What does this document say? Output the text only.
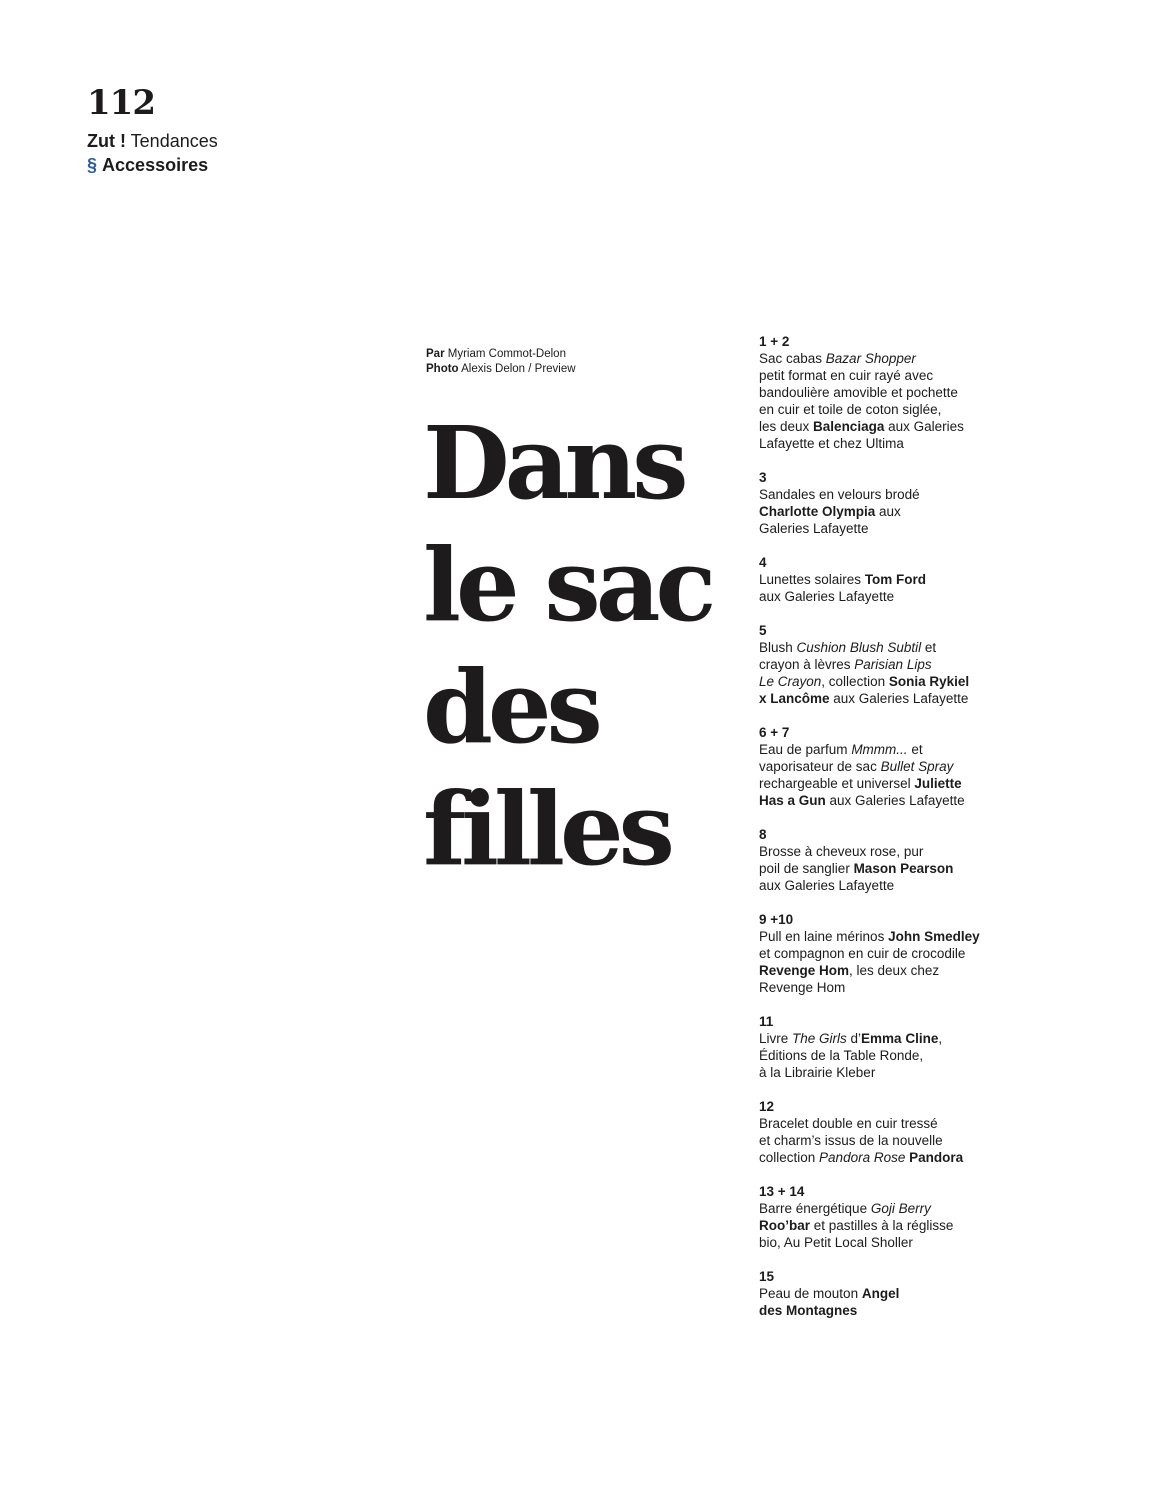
112
Zut ! Tendances
§ Accessoires
Par Myriam Commot-Delon
Photo Alexis Delon / Preview
Dans
le sac
des
filles
1 + 2
Sac cabas Bazar Shopper
petit format en cuir rayé avec
bandoulière amovible et pochette
en cuir et toile de coton siglée,
les deux Balenciaga aux Galeries
Lafayette et chez Ultima
3
Sandales en velours brodé
Charlotte Olympia aux
Galeries Lafayette
4
Lunettes solaires Tom Ford
aux Galeries Lafayette
5
Blush Cushion Blush Subtil et
crayon à lèvres Parisian Lips
Le Crayon, collection Sonia Rykiel
x Lancôme aux Galeries Lafayette
6 + 7
Eau de parfum Mmmm... et
vaporisateur de sac Bullet Spray
rechargeable et universel Juliette
Has a Gun aux Galeries Lafayette
8
Brosse à cheveux rose, pur
poil de sanglier Mason Pearson
aux Galeries Lafayette
9 +10
Pull en laine mérinos John Smedley
et compagnon en cuir de crocodile
Revenge Hom, les deux chez
Revenge Hom
11
Livre The Girls d’Emma Cline,
Éditions de la Table Ronde,
à la Librairie Kleber
12
Bracelet double en cuir tressé
et charm’s issus de la nouvelle
collection Pandora Rose Pandora
13 + 14
Barre énergétique Goji Berry
Roo’bar et pastilles à la réglisse
bio, Au Petit Local Sholler
15
Peau de mouton Angel
des Montagnes
